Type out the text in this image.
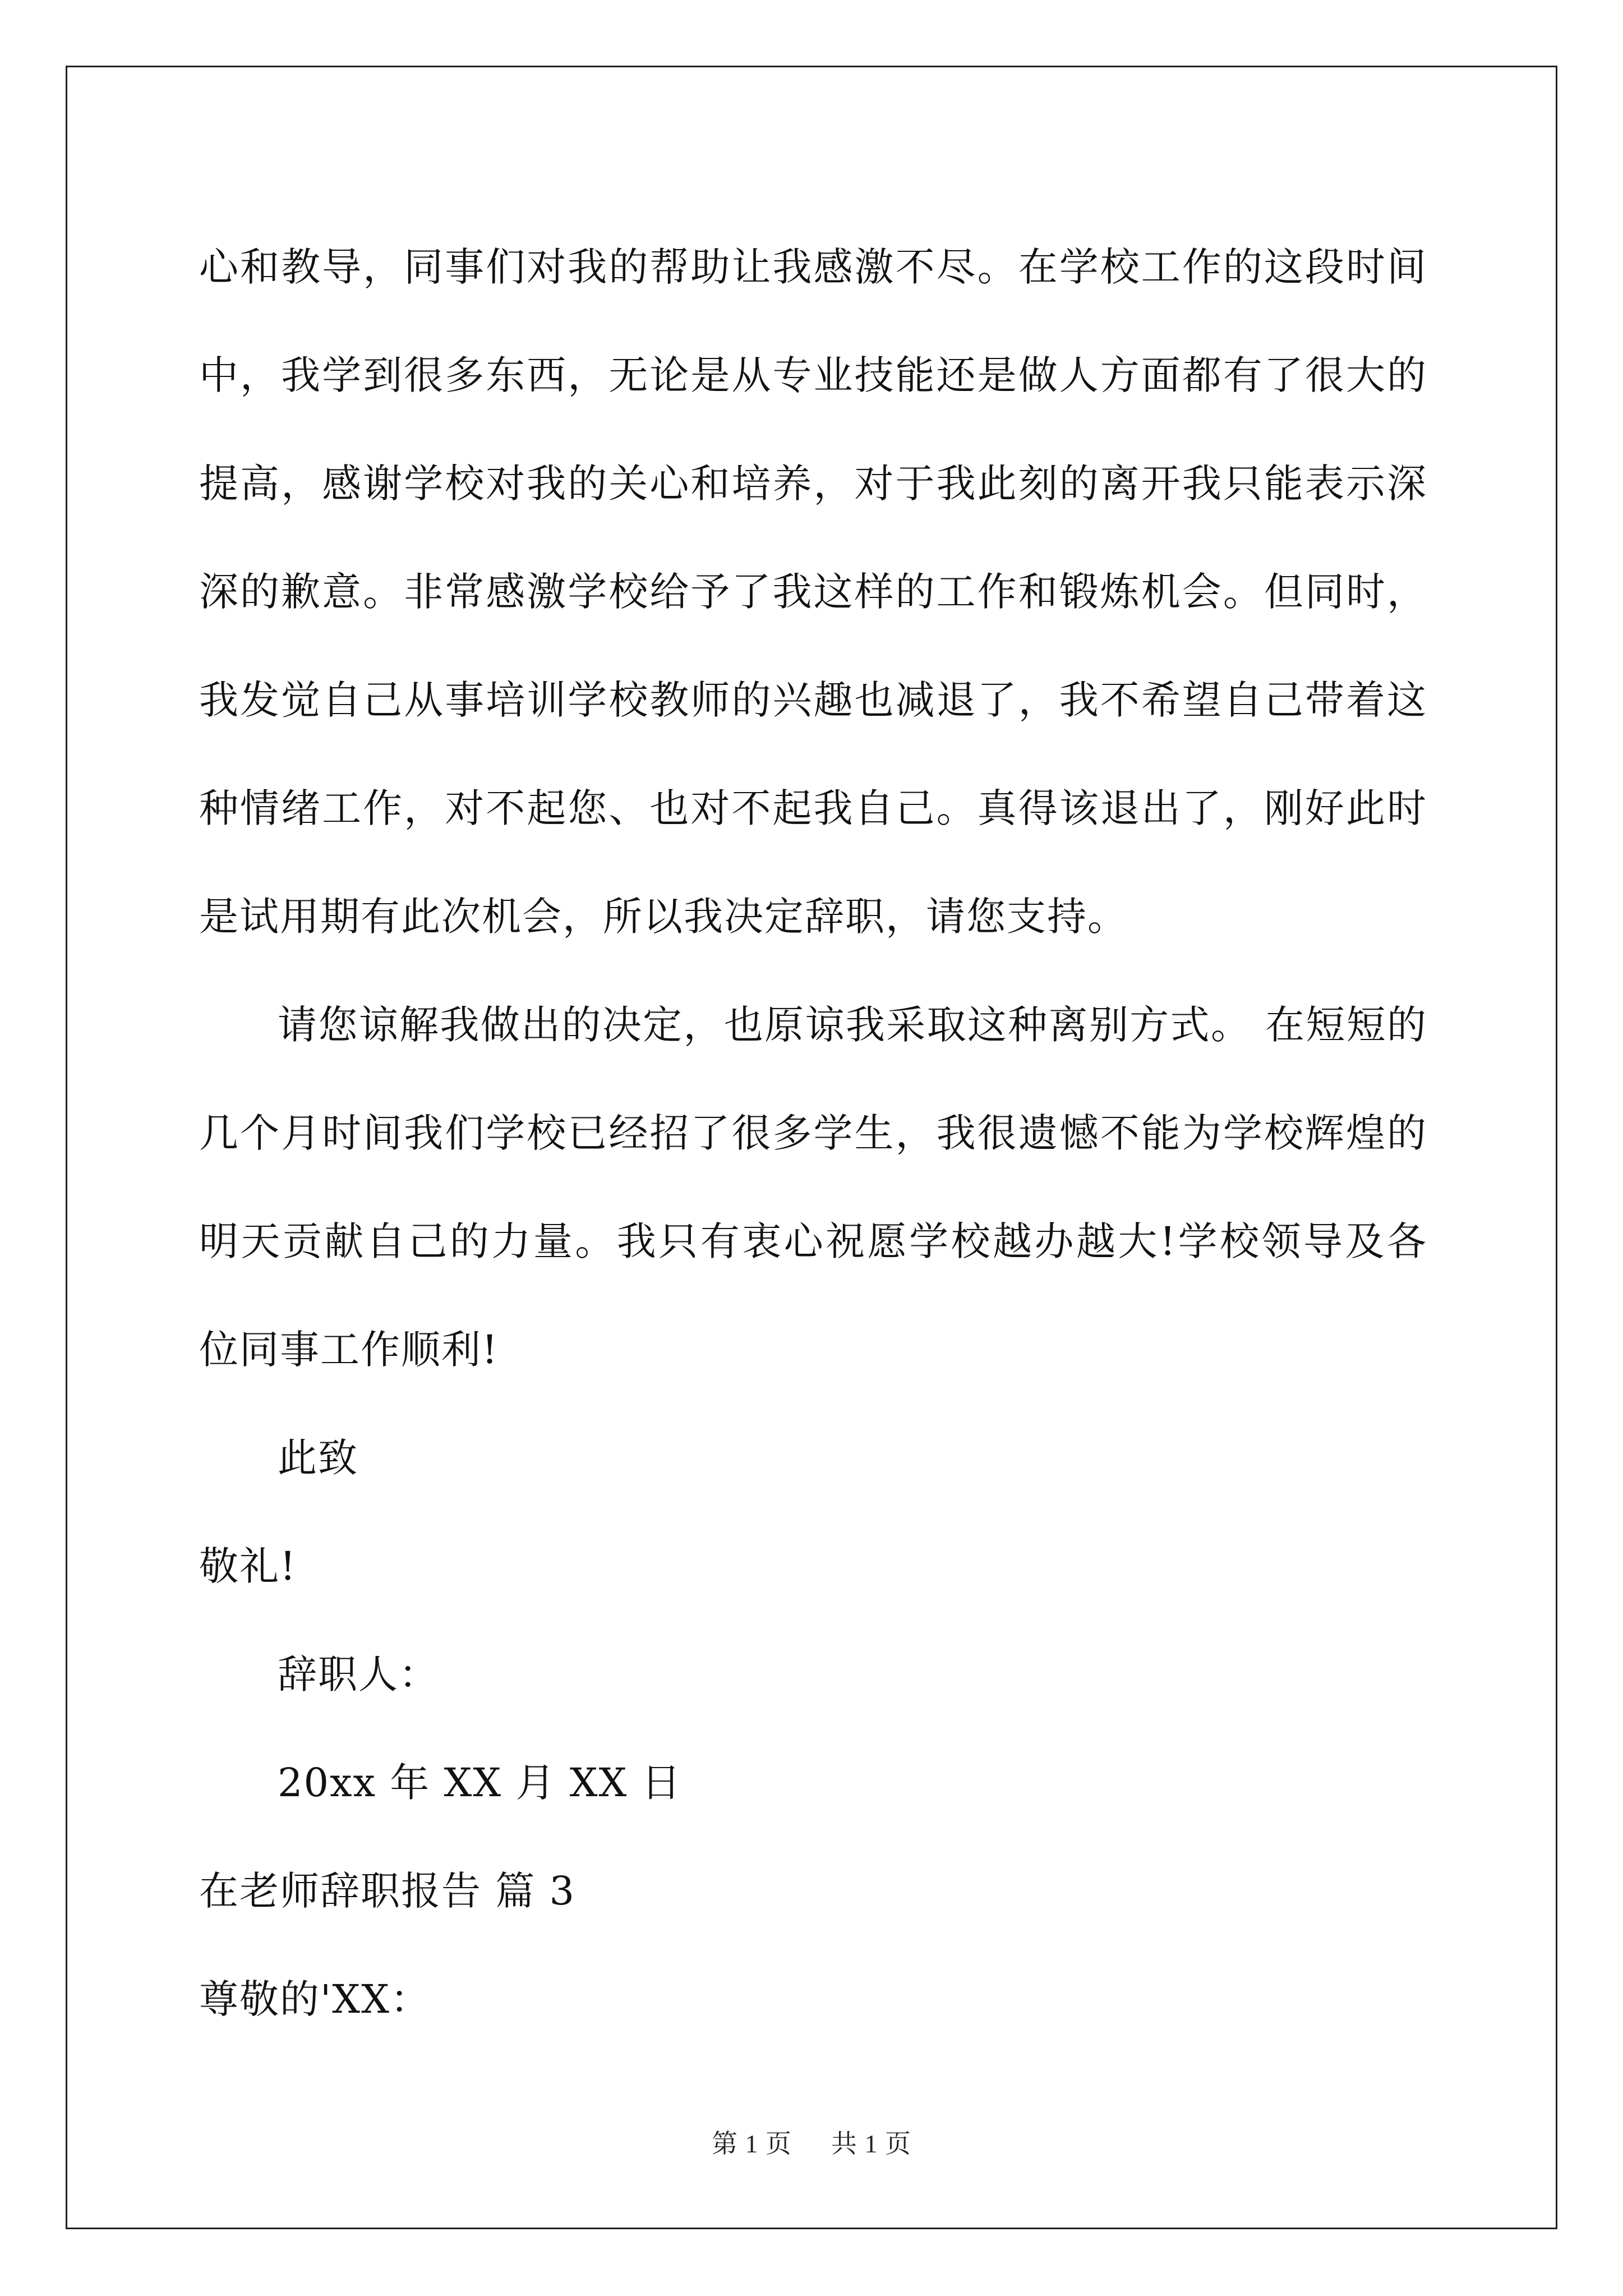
心和教导，同事们对我的帮助让我感激不尽。在学校工作的这段时间中，我学到很多东西，无论是从专业技能还是做人方面都有了很大的提高，感谢学校对我的关心和培养，对于我此刻的离开我只能表示深深的歉意。非常感激学校给予了我这样的工作和锻炼机会。但同时，我发觉自己从事培训学校教师的兴趣也减退了，我不希望自己带着这种情绪工作，对不起您、也对不起我自己。真得该退出了，刚好此时是试用期有此次机会，所以我决定辞职，请您支持。

请您谅解我做出的决定，也原谅我采取这种离别方式。 在短短的几个月时间我们学校已经招了很多学生，我很遗憾不能为学校辉煌的明天贡献自己的力量。我只有衷心祝愿学校越办越大!学校领导及各位同事工作顺利!

此致

敬礼!

辞职人：

20xx 年 XX 月 XX 日

在老师辞职报告 篇 3

尊敬的'XX：

第 1 页 共 1 页
